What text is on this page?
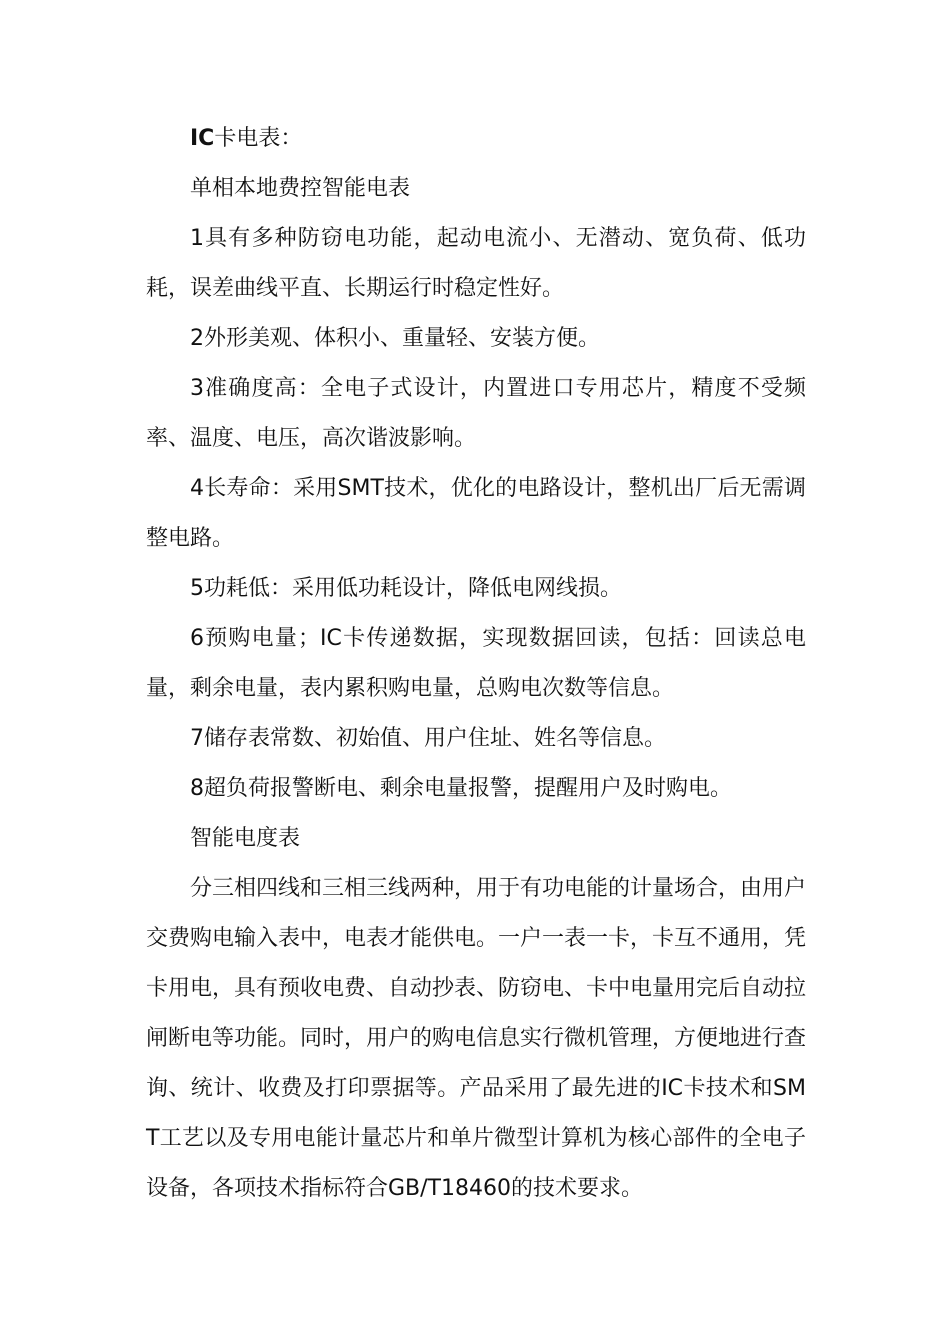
IC卡电表：

单相本地费控智能电表

1具有多种防窃电功能，起动电流小、无潜动、宽负荷、低功耗，误差曲线平直、长期运行时稳定性好。

2外形美观、体积小、重量轻、安装方便。

3准确度高：全电子式设计，内置进口专用芯片，精度不受频率、温度、电压，高次谐波影响。

4长寿命：采用SMT技术，优化的电路设计，整机出厂后无需调整电路。

5功耗低：采用低功耗设计，降低电网线损。

6预购电量；IC卡传递数据，实现数据回读，包括：回读总电量，剩余电量，表内累积购电量，总购电次数等信息。

7储存表常数、初始值、用户住址、姓名等信息。

8超负荷报警断电、剩余电量报警，提醒用户及时购电。

智能电度表

分三相四线和三相三线两种，用于有功电能的计量场合，由用户交费购电输入表中，电表才能供电。一户一表一卡，卡互不通用，凭卡用电，具有预收电费、自动抄表、防窃电、卡中电量用完后自动拉闸断电等功能。同时，用户的购电信息实行微机管理，方便地进行查询、统计、收费及打印票据等。产品采用了最先进的IC卡技术和SMT工艺以及专用电能计量芯片和单片微型计算机为核心部件的全电子设备，各项技术指标符合GB/T18460的技术要求。
